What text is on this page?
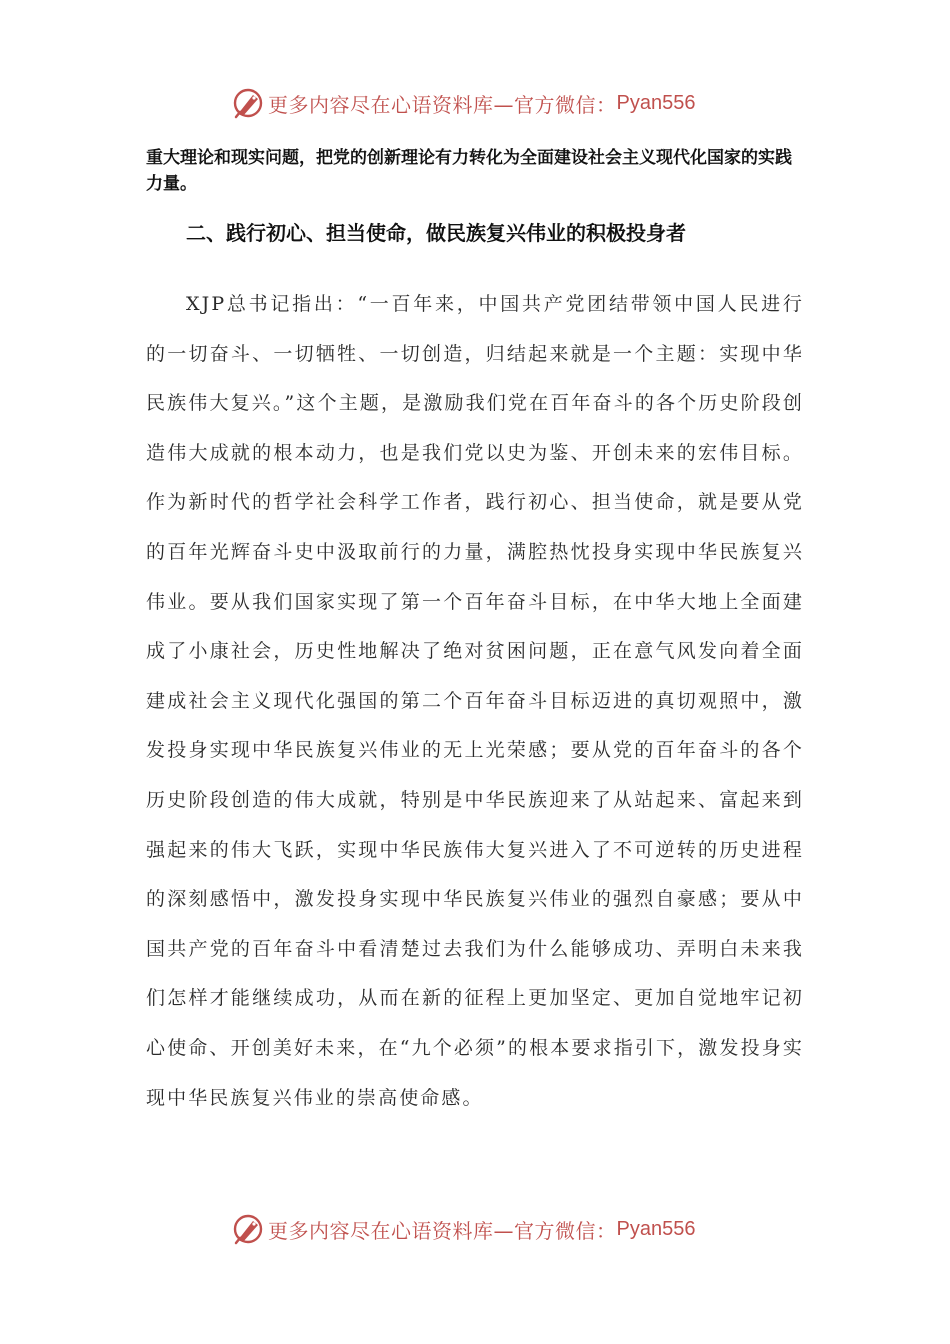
更多内容尽在心语资料库—官方微信： Pyan556

重大理论和现实问题，把党的创新理论有力转化为全面建设社会主义现代化国家的实践力量。

二、践行初心、担当使命，做民族复兴伟业的积极投身者

XJP总书记指出：“一百年来，中国共产党团结带领中国人民进行的一切奋斗、一切牺牲、一切创造，归结起来就是一个主题：实现中华民族伟大复兴。”这个主题，是激励我们党在百年奋斗的各个历史阶段创造伟大成就的根本动力，也是我们党以史为鉴、开创未来的宏伟目标。作为新时代的哲学社会科学工作者，践行初心、担当使命，就是要从党的百年光辉奋斗史中汲取前行的力量，满腔热忱投身实现中华民族复兴伟业。要从我们国家实现了第一个百年奋斗目标，在中华大地上全面建成了小康社会，历史性地解决了绝对贫困问题，正在意气风发向着全面建成社会主义现代化强国的第二个百年奋斗目标迈进的真切观照中，激发投身实现中华民族复兴伟业的无上光荣感；要从党的百年奋斗的各个历史阶段创造的伟大成就，特别是中华民族迎来了从站起来、富起来到强起来的伟大飞跃，实现中华民族伟大复兴进入了不可逆转的历史进程的深刻感悟中，激发投身实现中华民族复兴伟业的强烈自豪感；要从中国共产党的百年奋斗中看清楚过去我们为什么能够成功、弄明白未来我们怎样才能继续成功，从而在新的征程上更加坚定、更加自觉地牢记初心使命、开创美好未来，在“九个必须”的根本要求指引下，激发投身实现中华民族复兴伟业的崇高使命感。

更多内容尽在心语资料库—官方微信： Pyan556
